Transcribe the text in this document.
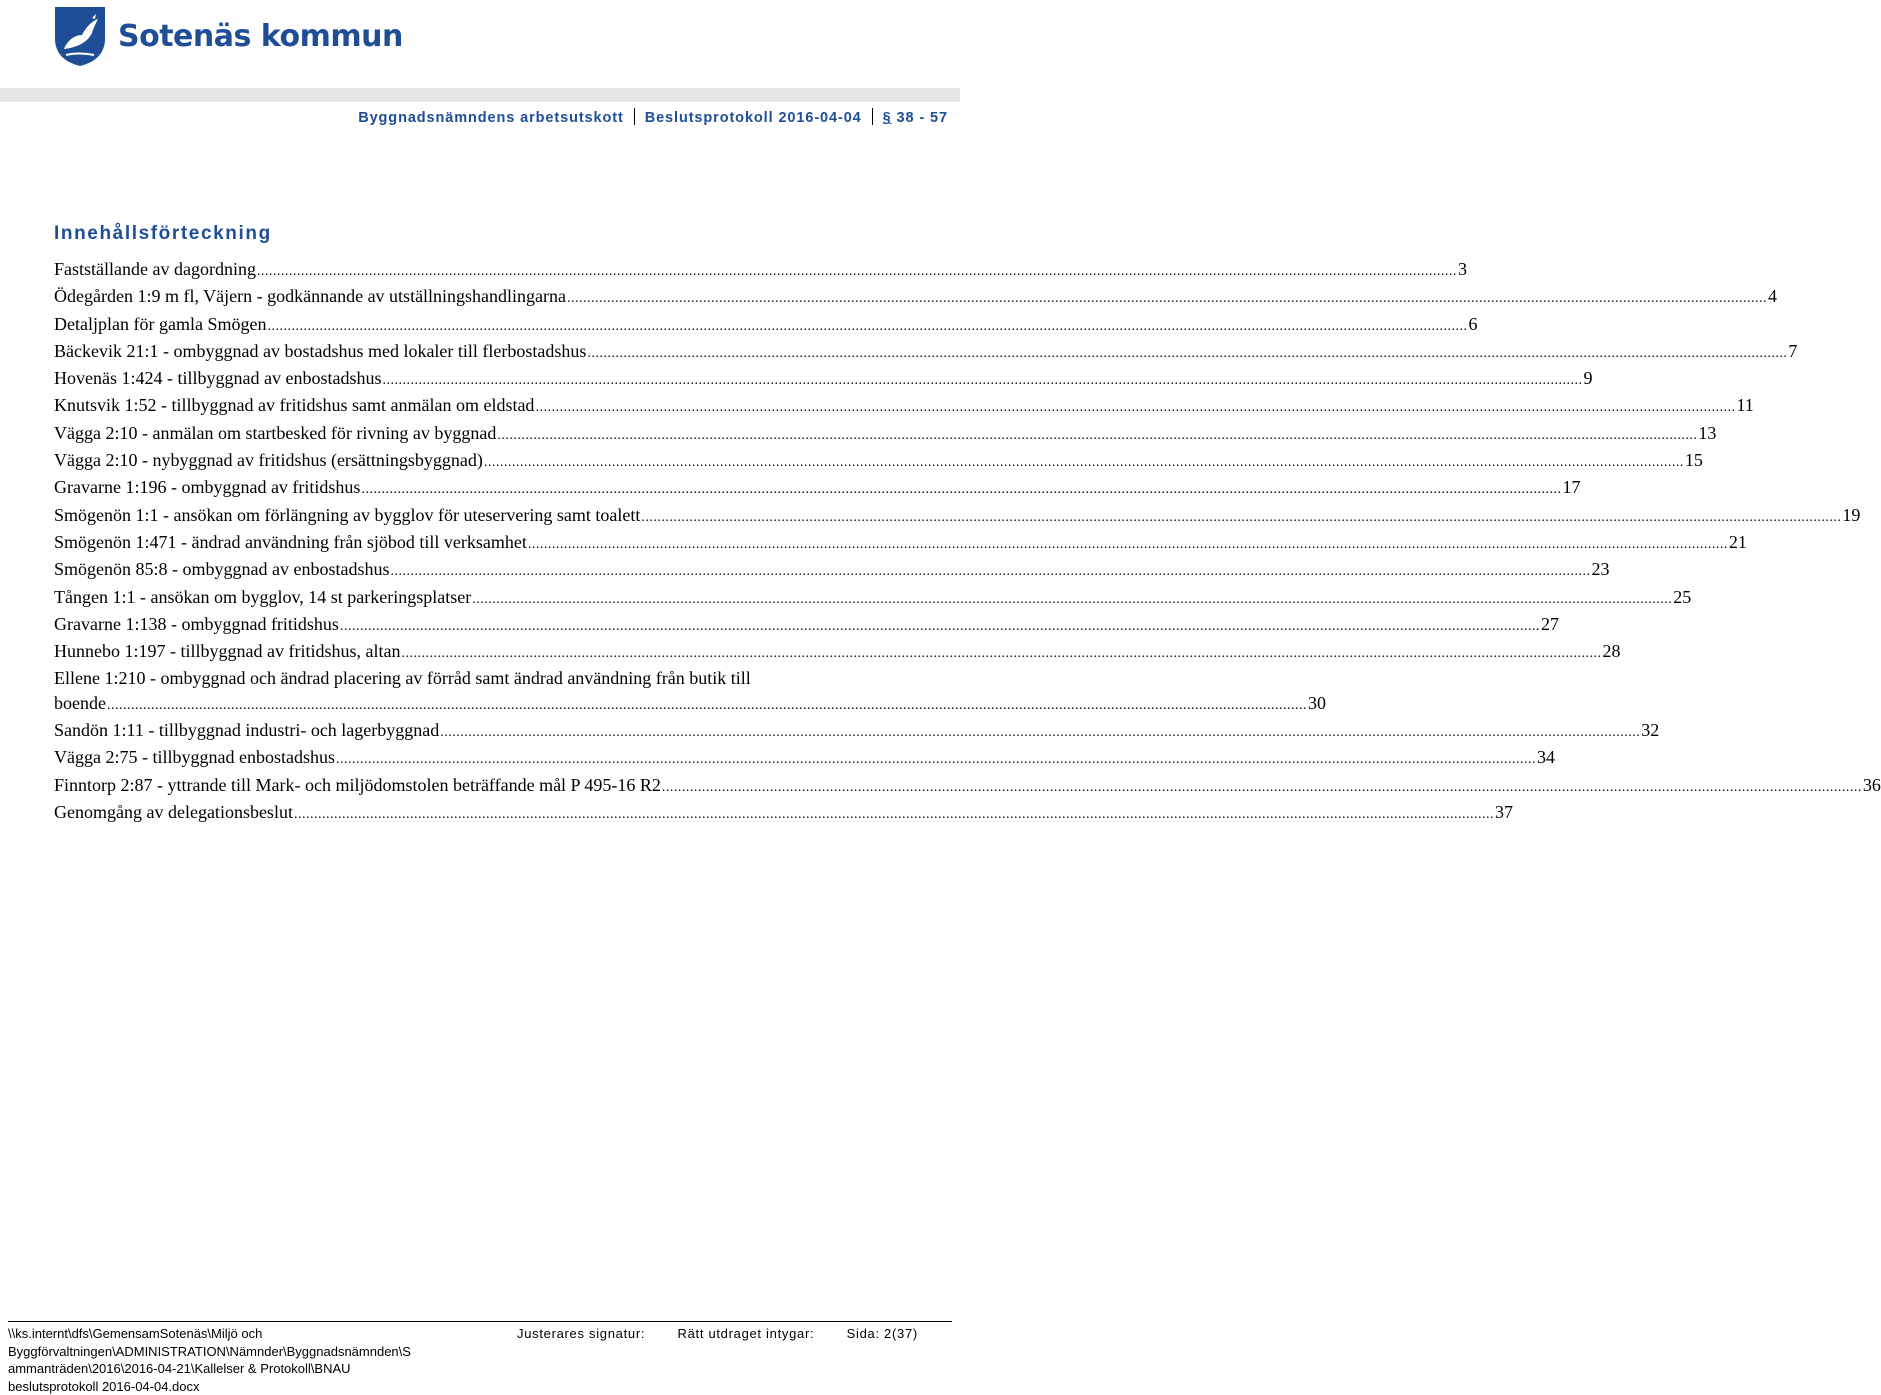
Sotenäs kommun
Byggnadsnämndens arbetsutskott Beslutsprotokoll 2016-04-04 § 38 - 57
Innehållsförteckning
Fastställande av dagordning ............................................................................................................................................................................................................................................................................................................ 3
Ödegården 1:9 m fl, Väjern - godkännande av utställningshandlingarna ............................................................................................................................................................................................................................................................................................................ 4
Detaljplan för gamla Smögen ............................................................................................................................................................................................................................................................................................................ 6
Bäckevik 21:1 - ombyggnad av bostadshus med lokaler till flerbostadshus ............................................................................................................................................................................................................................................................................................................ 7
Hovenäs 1:424 - tillbyggnad av enbostadshus ............................................................................................................................................................................................................................................................................................................ 9
Knutsvik 1:52 - tillbyggnad av fritidshus samt anmälan om eldstad ............................................................................................................................................................................................................................................................................................................ 11
Vägga 2:10 - anmälan om startbesked för rivning av byggnad ............................................................................................................................................................................................................................................................................................................ 13
Vägga 2:10 - nybyggnad av fritidshus (ersättningsbyggnad) ............................................................................................................................................................................................................................................................................................................ 15
Gravarne 1:196 - ombyggnad av fritidshus ............................................................................................................................................................................................................................................................................................................ 17
Smögenön 1:1 - ansökan om förlängning av bygglov för uteservering samt toalett ............................................................................................................................................................................................................................................................................................................ 19
Smögenön 1:471 - ändrad användning från sjöbod till verksamhet ............................................................................................................................................................................................................................................................................................................ 21
Smögenön 85:8 - ombyggnad av enbostadshus ............................................................................................................................................................................................................................................................................................................ 23
Tången 1:1 - ansökan om bygglov, 14 st parkeringsplatser ............................................................................................................................................................................................................................................................................................................ 25
Gravarne 1:138 - ombyggnad fritidshus ............................................................................................................................................................................................................................................................................................................ 27
Hunnebo 1:197 - tillbyggnad av fritidshus, altan ............................................................................................................................................................................................................................................................................................................ 28
Ellene 1:210 - ombyggnad och ändrad placering av förråd samt ändrad användning från butik till
boende ............................................................................................................................................................................................................................................................................................................ 30
Sandön 1:11 - tillbyggnad industri- och lagerbyggnad ............................................................................................................................................................................................................................................................................................................ 32
Vägga 2:75 - tillbyggnad enbostadshus ............................................................................................................................................................................................................................................................................................................ 34
Finntorp 2:87 - yttrande till Mark- och miljödomstolen beträffande mål P 495-16 R2 ............................................................................................................................................................................................................................................................................................................ 36
Genomgång av delegationsbeslut ............................................................................................................................................................................................................................................................................................................ 37
\\ks.internt\dfs\GemensamSotenäs\Miljö och
Byggförvaltningen\ADMINISTRATION\Nämnder\Byggnadsnämnden\S
ammanträden\2016\2016-04-21\Kallelser & Protokoll\BNAU
beslutsprotokoll 2016-04-04.docx
Justerares signatur: Rätt utdraget intygar: Sida: 2(37)
